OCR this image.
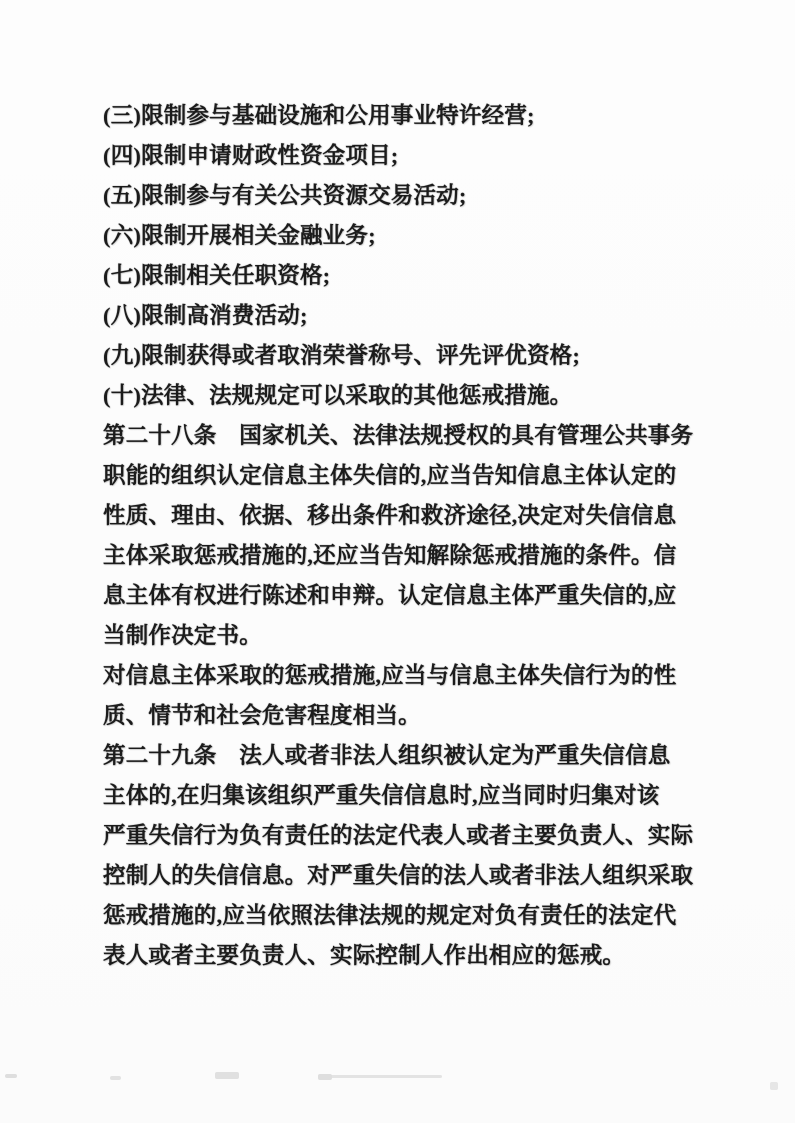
(三)限制参与基础设施和公用事业特许经营;
(四)限制申请财政性资金项目;
(五)限制参与有关公共资源交易活动;
(六)限制开展相关金融业务;
(七)限制相关任职资格;
(八)限制高消费活动;
(九)限制获得或者取消荣誉称号、评先评优资格;
(十)法律、法规规定可以采取的其他惩戒措施。
第二十八条　国家机关、法律法规授权的具有管理公共事务
职能的组织认定信息主体失信的,应当告知信息主体认定的
性质、理由、依据、移出条件和救济途径,决定对失信信息
主体采取惩戒措施的,还应当告知解除惩戒措施的条件。信
息主体有权进行陈述和申辩。认定信息主体严重失信的,应
当制作决定书。
对信息主体采取的惩戒措施,应当与信息主体失信行为的性
质、情节和社会危害程度相当。
第二十九条　法人或者非法人组织被认定为严重失信信息
主体的,在归集该组织严重失信信息时,应当同时归集对该
严重失信行为负有责任的法定代表人或者主要负责人、实际
控制人的失信信息。对严重失信的法人或者非法人组织采取
惩戒措施的,应当依照法律法规的规定对负有责任的法定代
表人或者主要负责人、实际控制人作出相应的惩戒。
